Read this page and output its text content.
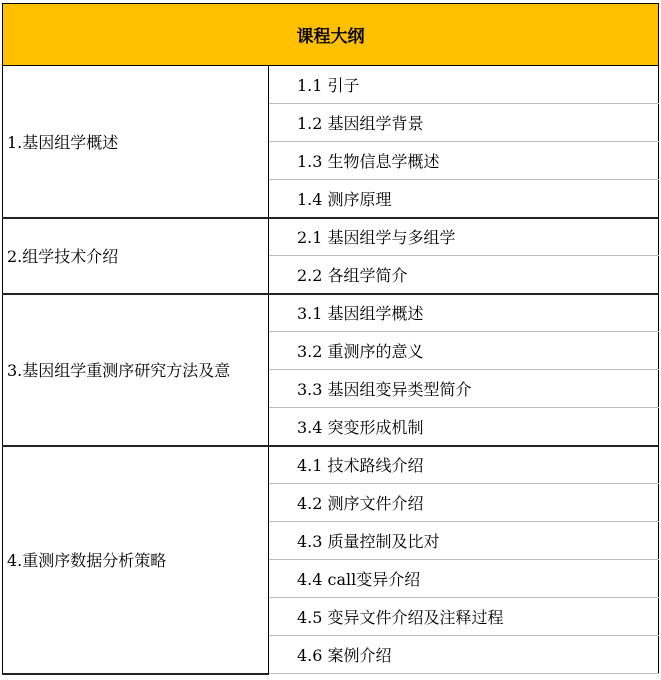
课程大纲	
1.基因组学概述	1.1 引子
	1.2 基因组学背景
	1.3 生物信息学概述
	1.4 测序原理
2.组学技术介绍	2.1 基因组学与多组学
	2.2 各组学简介
3.基因组学重测序研究方法及意	3.1 基因组学概述
	3.2 重测序的意义
	3.3 基因组变异类型简介
	3.4 突变形成机制
4.重测序数据分析策略	4.1 技术路线介绍
	4.2 测序文件介绍
	4.3 质量控制及比对
	4.4 call变异介绍
	4.5 变异文件介绍及注释过程
	4.6 案例介绍
